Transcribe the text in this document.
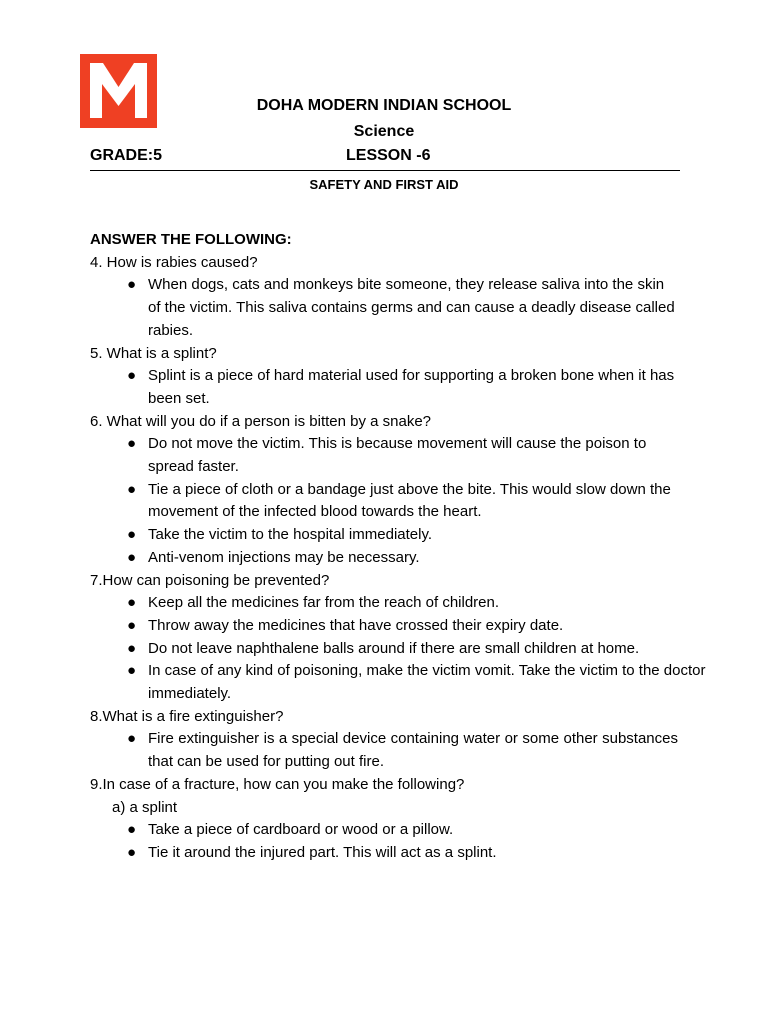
DOHA MODERN INDIAN SCHOOL
Science
GRADE:5	LESSON -6
SAFETY AND FIRST AID

ANSWER THE FOLLOWING:

4. How is rabies caused?

● When dogs, cats and monkeys bite someone, they release saliva into the skin of the victim. This saliva contains germs and can cause a deadly disease called rabies.

5. What is a splint?

● Splint is a piece of hard material used for supporting a broken bone when it has been set.

6. What will you do if a person is bitten by a snake?

● Do not move the victim. This is because movement will cause the poison to spread faster.
● Tie a piece of cloth or a bandage just above the bite. This would slow down the movement of the infected blood towards the heart.
● Take the victim to the hospital immediately.
● Anti-venom injections may be necessary.

7.How can poisoning be prevented?

● Keep all the medicines far from the reach of children.
● Throw away the medicines that have crossed their expiry date.
● Do not leave naphthalene balls around if there are small children at home.
● In case of any kind of poisoning, make the victim vomit. Take the victim to the doctor immediately.

8.What is a fire extinguisher?

● Fire extinguisher is a special device containing water or some other substances that can be used for putting out fire.

9.In case of a fracture, how can you make the following?

a) a splint

● Take a piece of cardboard or wood or a pillow.
● Tie it around the injured part. This will act as a splint.
